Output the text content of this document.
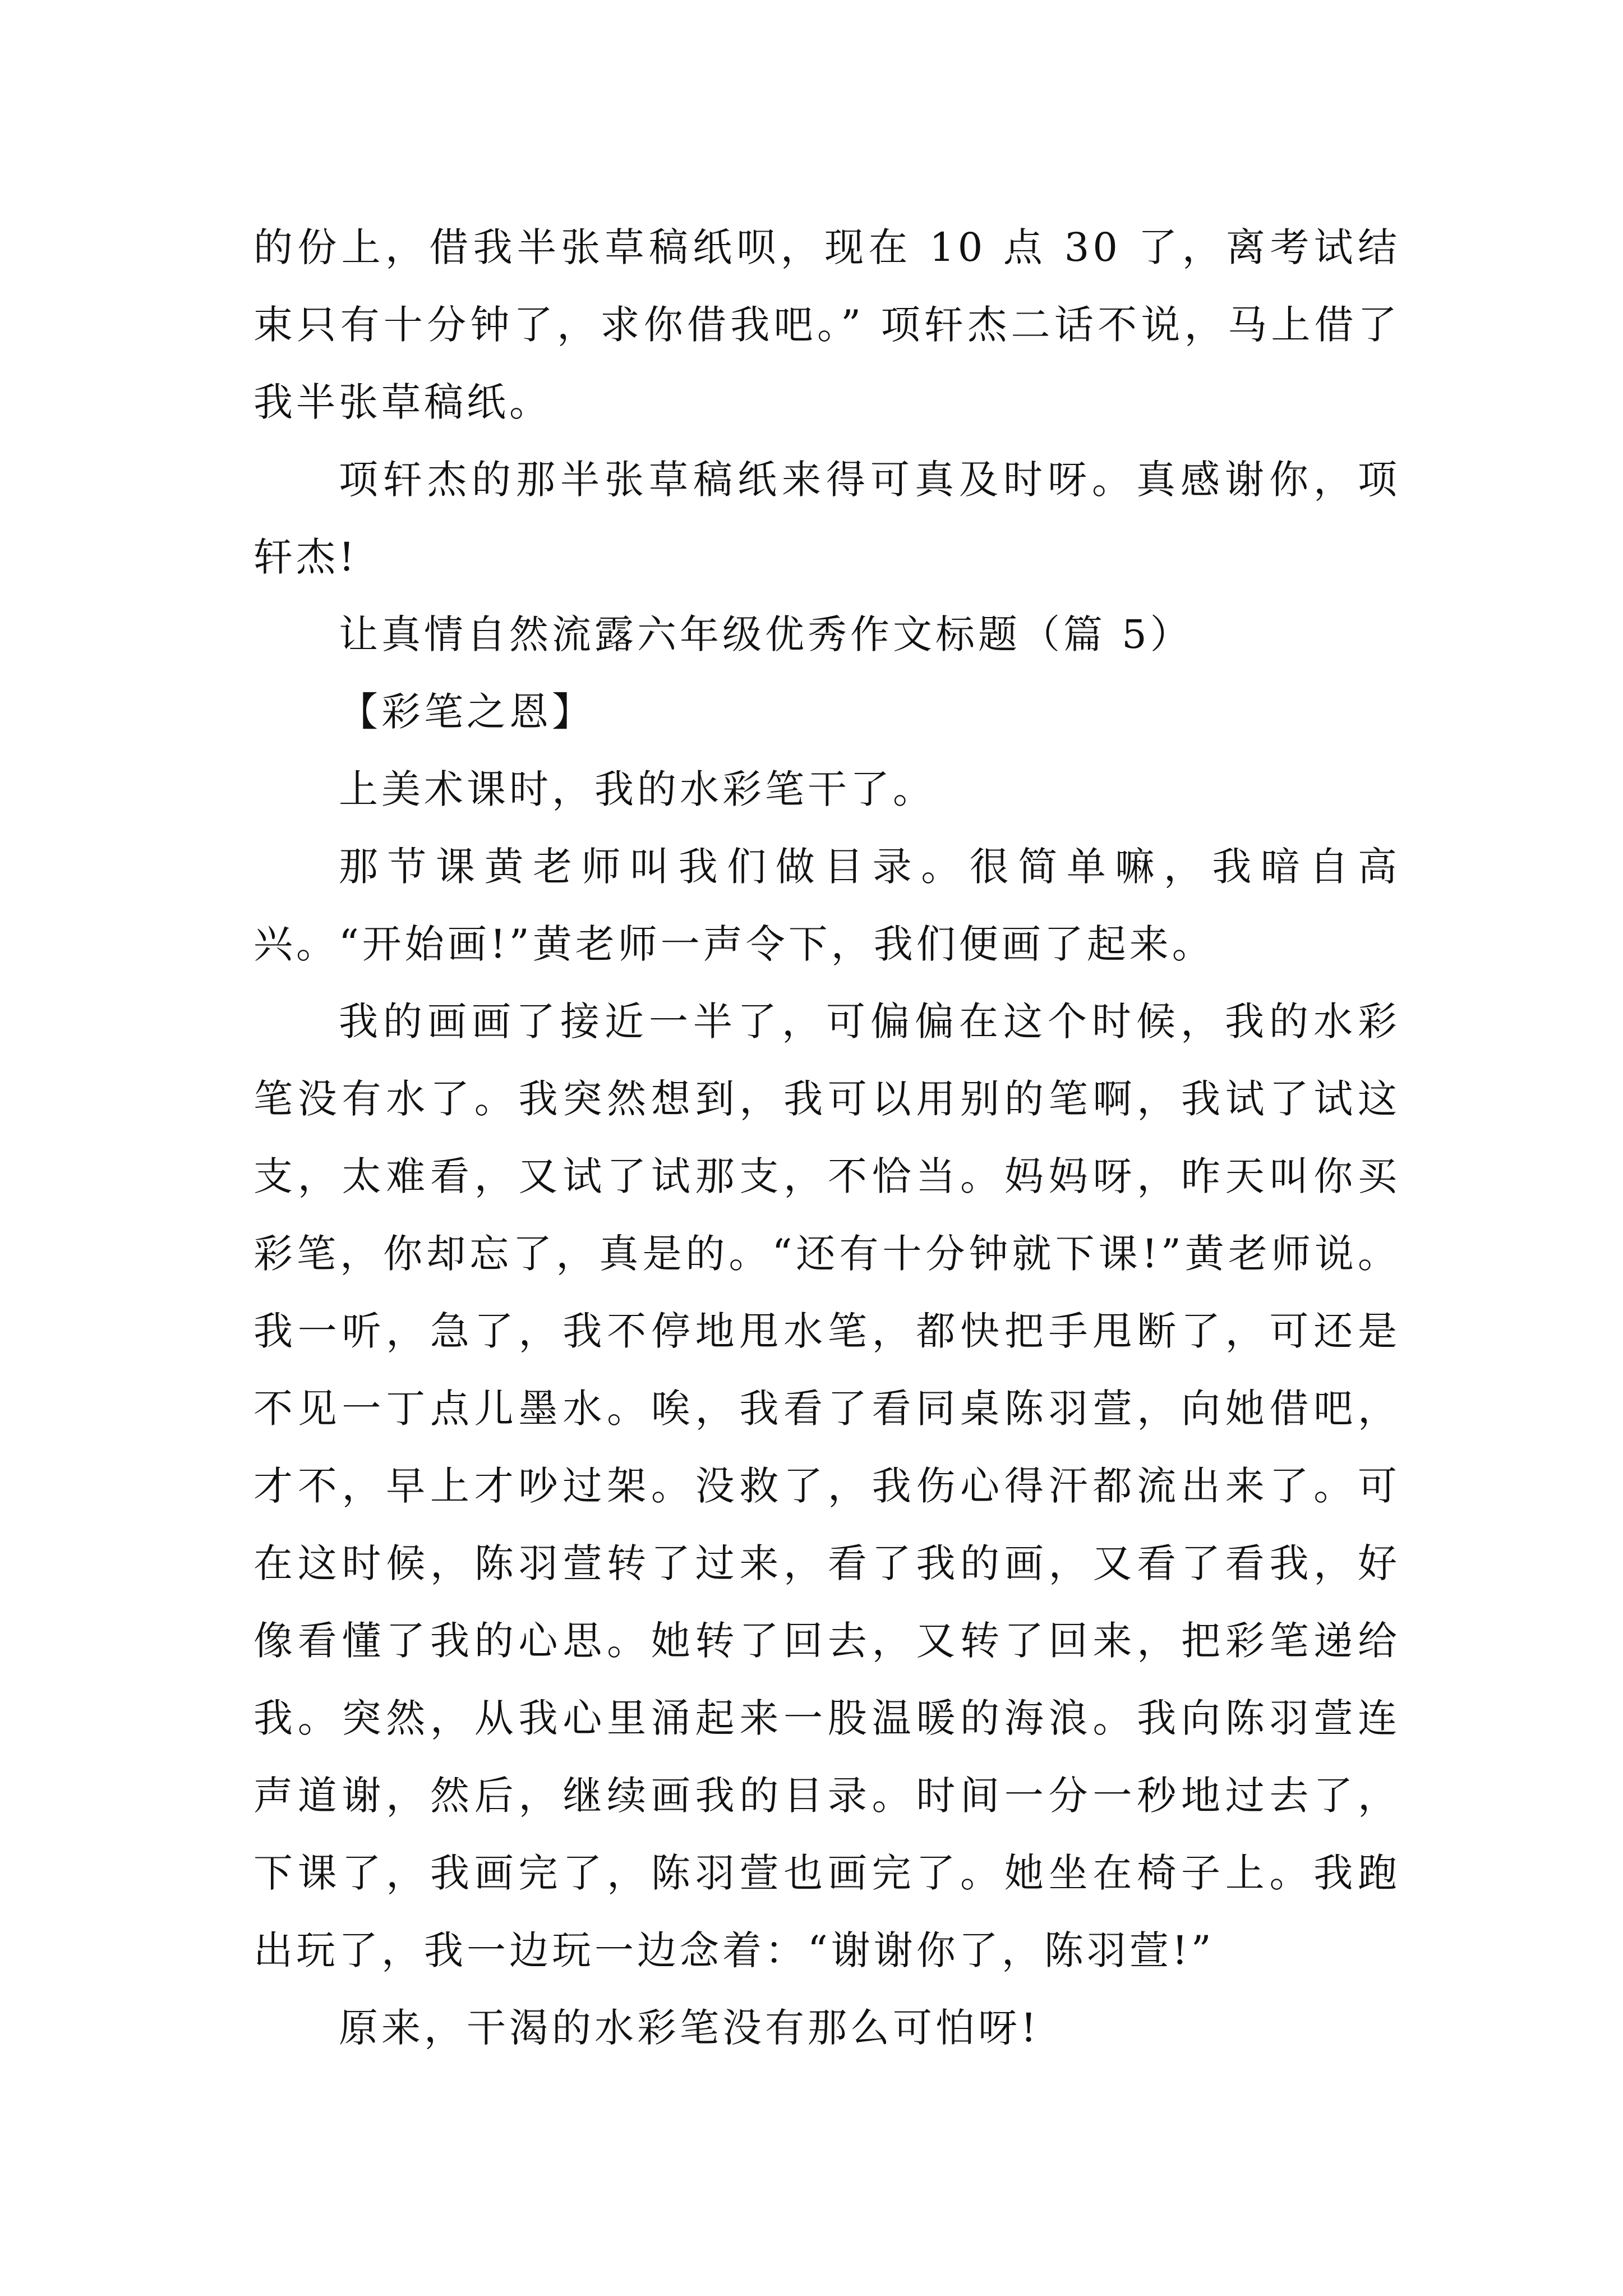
的份上，借我半张草稿纸呗，现在 10 点 30 了，离考试结束只有十分钟了，求你借我吧。” 项轩杰二话不说，马上借了我半张草稿纸。

项轩杰的那半张草稿纸来得可真及时呀。真感谢你，项轩杰!

让真情自然流露六年级优秀作文标题（篇 5）

【彩笔之恩】

上美术课时，我的水彩笔干了。

那节课黄老师叫我们做目录。很简单嘛，我暗自高兴。“开始画!”黄老师一声令下，我们便画了起来。

我的画画了接近一半了，可偏偏在这个时候，我的水彩笔没有水了。我突然想到，我可以用别的笔啊，我试了试这支，太难看，又试了试那支，不恰当。妈妈呀，昨天叫你买彩笔，你却忘了，真是的。“还有十分钟就下课!”黄老师说。我一听，急了，我不停地甩水笔，都快把手甩断了，可还是不见一丁点儿墨水。唉，我看了看同桌陈羽萱，向她借吧，才不，早上才吵过架。没救了，我伤心得汗都流出来了。可在这时候，陈羽萱转了过来，看了我的画，又看了看我，好像看懂了我的心思。她转了回去，又转了回来，把彩笔递给我。突然，从我心里涌起来一股温暖的海浪。我向陈羽萱连声道谢，然后，继续画我的目录。时间一分一秒地过去了，下课了，我画完了，陈羽萱也画完了。她坐在椅子上。我跑出玩了，我一边玩一边念着：“谢谢你了，陈羽萱!”

原来，干渴的水彩笔没有那么可怕呀!
